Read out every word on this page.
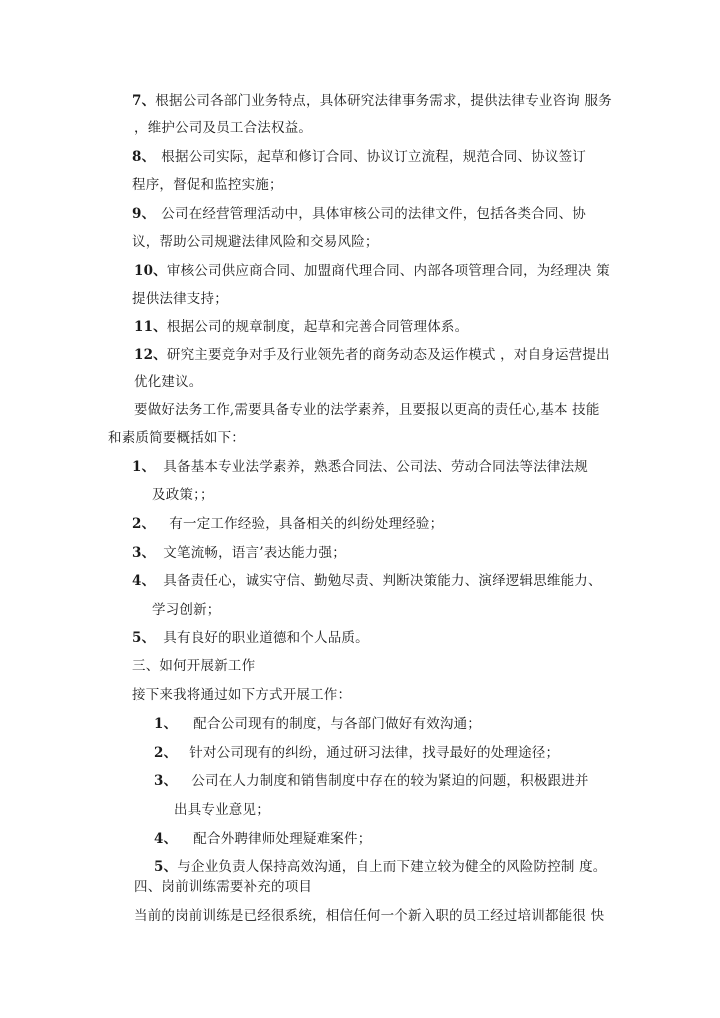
7、根据公司各部门业务特点，具体研究法律事务需求，提供法律专业咨询 服务
，维护公司及员工合法权益。
8、 根据公司实际，起草和修订合同、协议订立流程，规范合同、协议签订
程序，督促和监控实施；
9、 公司在经营管理活动中，具体审核公司的法律文件，包括各类合同、协
议，帮助公司规避法律风险和交易风险；
10、审核公司供应商合同、加盟商代理合同、内部各项管理合同，为经理决 策
提供法律支持；
11、根据公司的规章制度，起草和完善合同管理体系。
12、研究主要竞争对手及行业领先者的商务动态及运作模式 ，对自身运营提出
优化建议。
要做好法务工作,需要具备专业的法学素养，且要报以更高的责任心,基本 技能
和素质简要概括如下：
1、 具备基本专业法学素养，熟悉合同法、公司法、劳动合同法等法律法规
及政策；；
2、 有一定工作经验，具备相关的纠纷处理经验；
3、 文笔流畅，语言’表达能力强；
4、 具备责任心，诚实守信、勤勉尽责、判断决策能力、演绎逻辑思维能力、
学习创新；
5、 具有良好的职业道德和个人品质。
三、如何开展新工作
接下来我将通过如下方式开展工作：
1、 配合公司现有的制度，与各部门做好有效沟通；
2、 针对公司现有的纠纷，通过研习法律，找寻最好的处理途径；
3、 公司在人力制度和销售制度中存在的较为紧迫的问题，积极跟进并
出具专业意见；
4、 配合外聘律师处理疑难案件；
5、与企业负责人保持高效沟通，自上而下建立较为健全的风险防控制 度。
四、岗前训练需要补充的项目
当前的岗前训练是已经很系统，相信任何一个新入职的员工经过培训都能很 快
